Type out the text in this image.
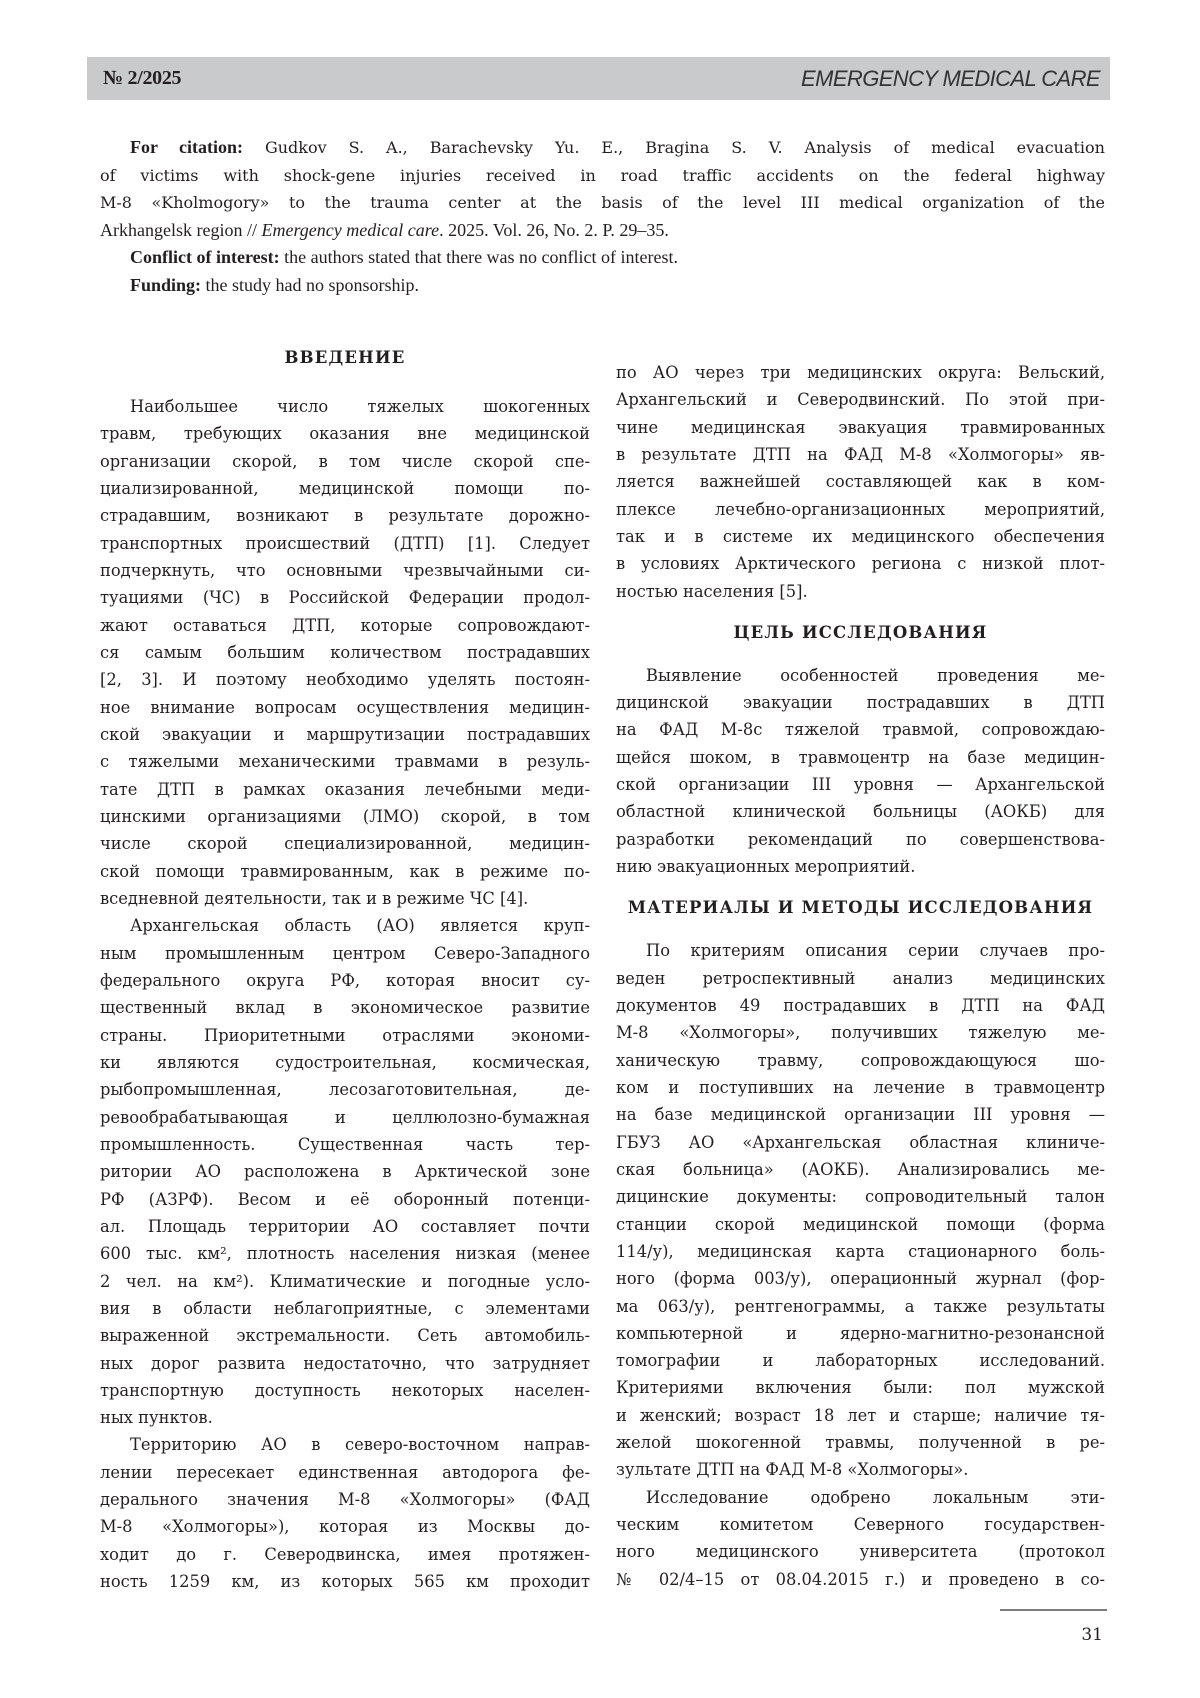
№ 2/2025	EMERGENCY MEDICAL CARE
For citation: Gudkov S. A., Barachevsky Yu. E., Bragina S. V. Analysis of medical evacuation
of victims with shock-gene injuries received in road traffic accidents on the federal highway
M-8 «Kholmogory» to the trauma center at the basis of the level III medical organization of the
Arkhangelsk region // Emergency medical care. 2025. Vol. 26, No. 2. P. 29–35.
Conflict of interest: the authors stated that there was no conflict of interest.
Funding: the study had no sponsorship.
ВВЕДЕНИЕ
Наибольшее число тяжелых шокогенных
травм, требующих оказания вне медицинской
организации скорой, в том числе скорой спе-
циализированной, медицинской помощи по-
страдавшим, возникают в результате дорожно-
транспортных происшествий (ДТП) [1]. Следует
подчеркнуть, что основными чрезвычайными си-
туациями (ЧС) в Российской Федерации продол-
жают оставаться ДТП, которые сопровождают-
ся самым большим количеством пострадавших
[2, 3]. И поэтому необходимо уделять постоян-
ное внимание вопросам осуществления медицин-
ской эвакуации и маршрутизации пострадавших
с тяжелыми механическими травмами в резуль-
тате ДТП в рамках оказания лечебными меди-
цинскими организациями (ЛМО) скорой, в том
числе скорой специализированной, медицин-
ской помощи травмированным, как в режиме по-
вседневной деятельности, так и в режиме ЧС [4].
Архангельская область (АО) является круп-
ным промышленным центром Северо-Западного
федерального округа РФ, которая вносит су-
щественный вклад в экономическое развитие
страны. Приоритетными отраслями экономи-
ки являются судостроительная, космическая,
рыбопромышленная, лесозаготовительная, де-
ревообрабатывающая и целлюлозно-бумажная
промышленность. Существенная часть тер-
ритории АО расположена в Арктической зоне
РФ (АЗРФ). Весом и её оборонный потенци-
ал. Площадь территории АО составляет почти
600 тыс. км², плотность населения низкая (менее
2 чел. на км²). Климатические и погодные усло-
вия в области неблагоприятные, с элементами
выраженной экстремальности. Сеть автомобиль-
ных дорог развита недостаточно, что затрудняет
транспортную доступность некоторых населен-
ных пунктов.
Территорию АО в северо-восточном направ-
лении пересекает единственная автодорога фе-
дерального значения М-8 «Холмогоры» (ФАД
М-8 «Холмогоры»), которая из Москвы до-
ходит до г. Северодвинска, имея протяжен-
ность 1259 км, из которых 565 км проходит
по АО через три медицинских округа: Вельский,
Архангельский и Северодвинский. По этой при-
чине медицинская эвакуация травмированных
в результате ДТП на ФАД М-8 «Холмогоры» яв-
ляется важнейшей составляющей как в ком-
плексе лечебно-организационных мероприятий,
так и в системе их медицинского обеспечения
в условиях Арктического региона с низкой плот-
ностью населения [5].
ЦЕЛЬ ИССЛЕДОВАНИЯ
Выявление особенностей проведения ме-
дицинской эвакуации пострадавших в ДТП
на ФАД М-8с тяжелой травмой, сопровождаю-
щейся шоком, в травмоцентр на базе медицин-
ской организации III уровня — Архангельской
областной клинической больницы (АОКБ) для
разработки рекомендаций по совершенствова-
нию эвакуационных мероприятий.
МАТЕРИАЛЫ И МЕТОДЫ ИССЛЕДОВАНИЯ
По критериям описания серии случаев про-
веден ретроспективный анализ медицинских
документов 49 пострадавших в ДТП на ФАД
М-8 «Холмогоры», получивших тяжелую ме-
ханическую травму, сопровождающуюся шо-
ком и поступивших на лечение в травмоцентр
на базе медицинской организации III уровня —
ГБУЗ АО «Архангельская областная клиниче-
ская больница» (АОКБ). Анализировались ме-
дицинские документы: сопроводительный талон
станции скорой медицинской помощи (форма
114/у), медицинская карта стационарного боль-
ного (форма 003/у), операционный журнал (фор-
ма 063/у), рентгенограммы, а также результаты
компьютерной и ядерно-магнитно-резонансной
томографии и лабораторных исследований.
Критериями включения были: пол мужской
и женский; возраст 18 лет и старше; наличие тя-
желой шокогенной травмы, полученной в ре-
зультате ДТП на ФАД М-8 «Холмогоры».
Исследование одобрено локальным эти-
ческим комитетом Северного государствен-
ного медицинского университета (протокол
№ 02/4–15 от 08.04.2015 г.) и проведено в со-
31
